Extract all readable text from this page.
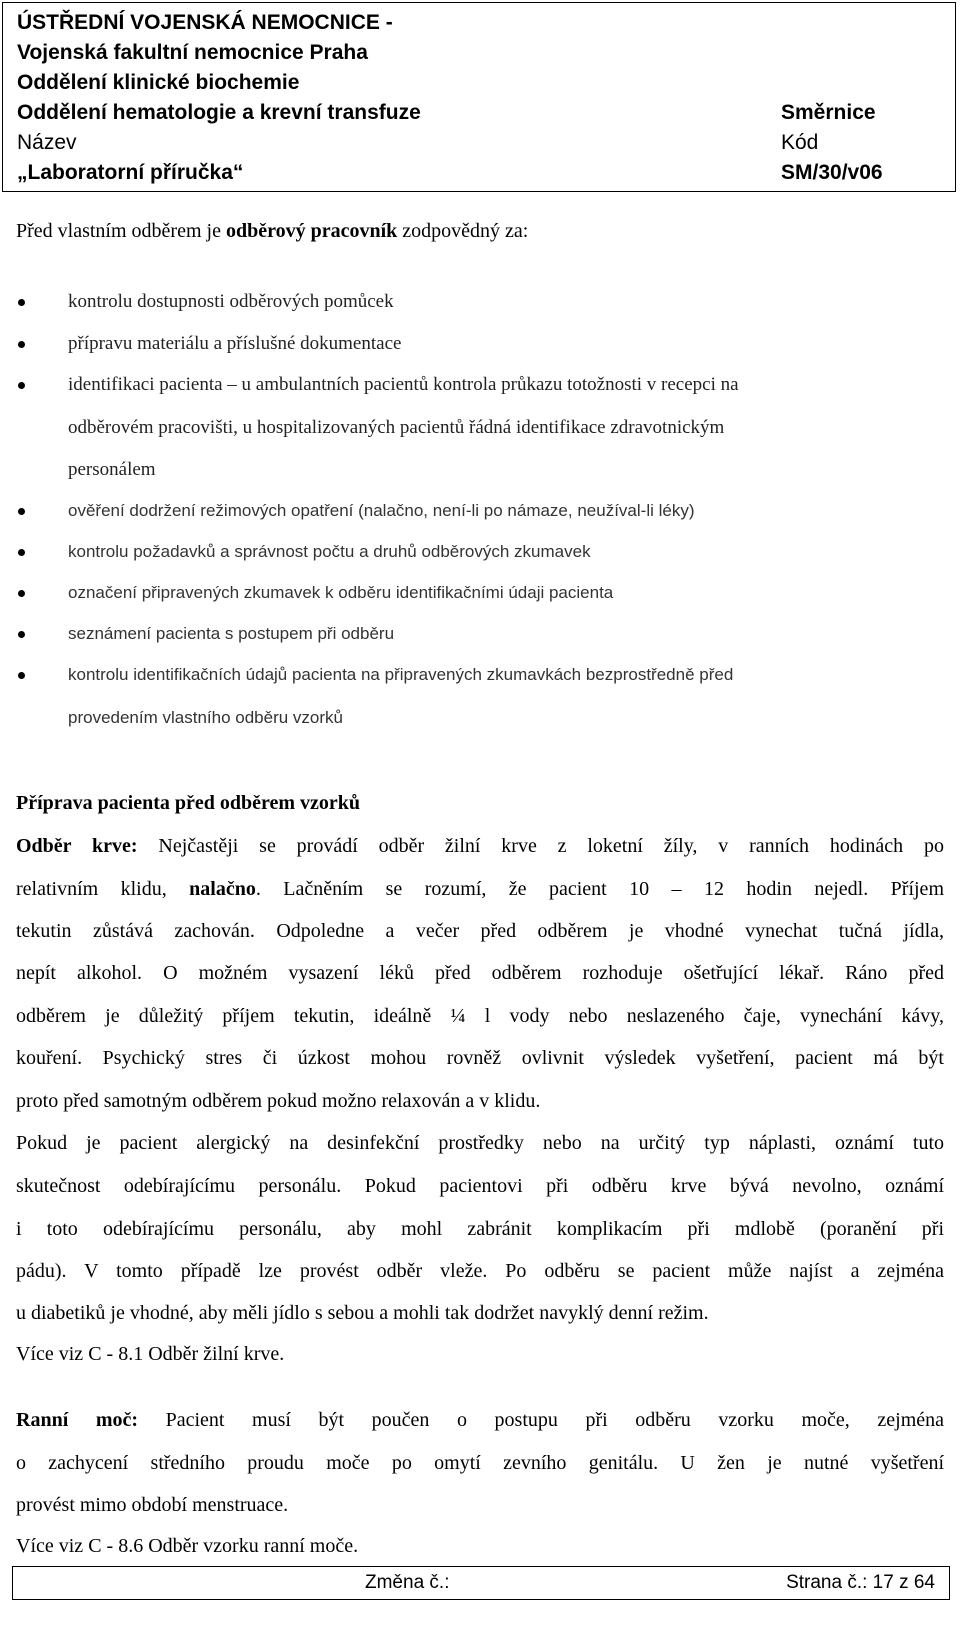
ÚSTŘEDNÍ VOJENSKÁ NEMOCNICE -
Vojenská fakultní nemocnice Praha
Oddělení klinické biochemie
Oddělení hematologie a krevní transfuze	Směrnice
Název	Kód
„Laboratorní příručka“	SM/30/v06
Před vlastním odběrem je odběrový pracovník zodpovědný za:
kontrolu dostupnosti odběrových pomůcek
přípravu materiálu a příslušné dokumentace
identifikaci pacienta – u ambulantních pacientů kontrola průkazu totožnosti v recepci na
odběrovém pracovišti, u hospitalizovaných pacientů řádná identifikace zdravotnickým
personálem
ověření dodržení režimových opatření (nalačno, není-li po námaze, neužíval-li léky)
kontrolu požadavků a správnost počtu a druhů odběrových zkumavek
označení připravených zkumavek k odběru identifikačními údaji pacienta
seznámení pacienta s postupem při odběru
kontrolu identifikačních údajů pacienta na připravených zkumavkách bezprostředně před
provedením vlastního odběru vzorků
Příprava pacienta před odběrem vzorků
Odběr krve: Nejčastěji se provádí odběr žilní krve z loketní žíly, v ranních hodinách po
relativním klidu, nalačno. Lačněním se rozumí, že pacient 10 – 12 hodin nejedl. Příjem
tekutin zůstává zachován. Odpoledne a večer před odběrem je vhodné vynechat tučná jídla,
nepít alkohol. O možném vysazení léků před odběrem rozhoduje ošetřující lékař. Ráno před
odběrem je důležitý příjem tekutin, ideálně ¼ l vody nebo neslazeného čaje, vynechání kávy,
kouření. Psychický stres či úzkost mohou rovněž ovlivnit výsledek vyšetření, pacient má být
proto před samotným odběrem pokud možno relaxován a v klidu.
Pokud je pacient alergický na desinfekční prostředky nebo na určitý typ náplasti, oznámí tuto
skutečnost odebírajícímu personálu. Pokud pacientovi při odběru krve bývá nevolno, oznámí
i toto odebírajícímu personálu, aby mohl zabránit komplikacím při mdlobě (poranění při
pádu). V tomto případě lze provést odběr vleže. Po odběru se pacient může najíst a zejména
u diabetiků je vhodné, aby měli jídlo s sebou a mohli tak dodržet navyklý denní režim.
Více viz C - 8.1 Odběr žilní krve.
Ranní moč: Pacient musí být poučen o postupu při odběru vzorku moče, zejména
o zachycení středního proudu moče po omytí zevního genitálu. U žen je nutné vyšetření
provést mimo období menstruace.
Více viz C - 8.6 Odběr vzorku ranní moče.
Změna č.:	Strana č.: 17 z 64
